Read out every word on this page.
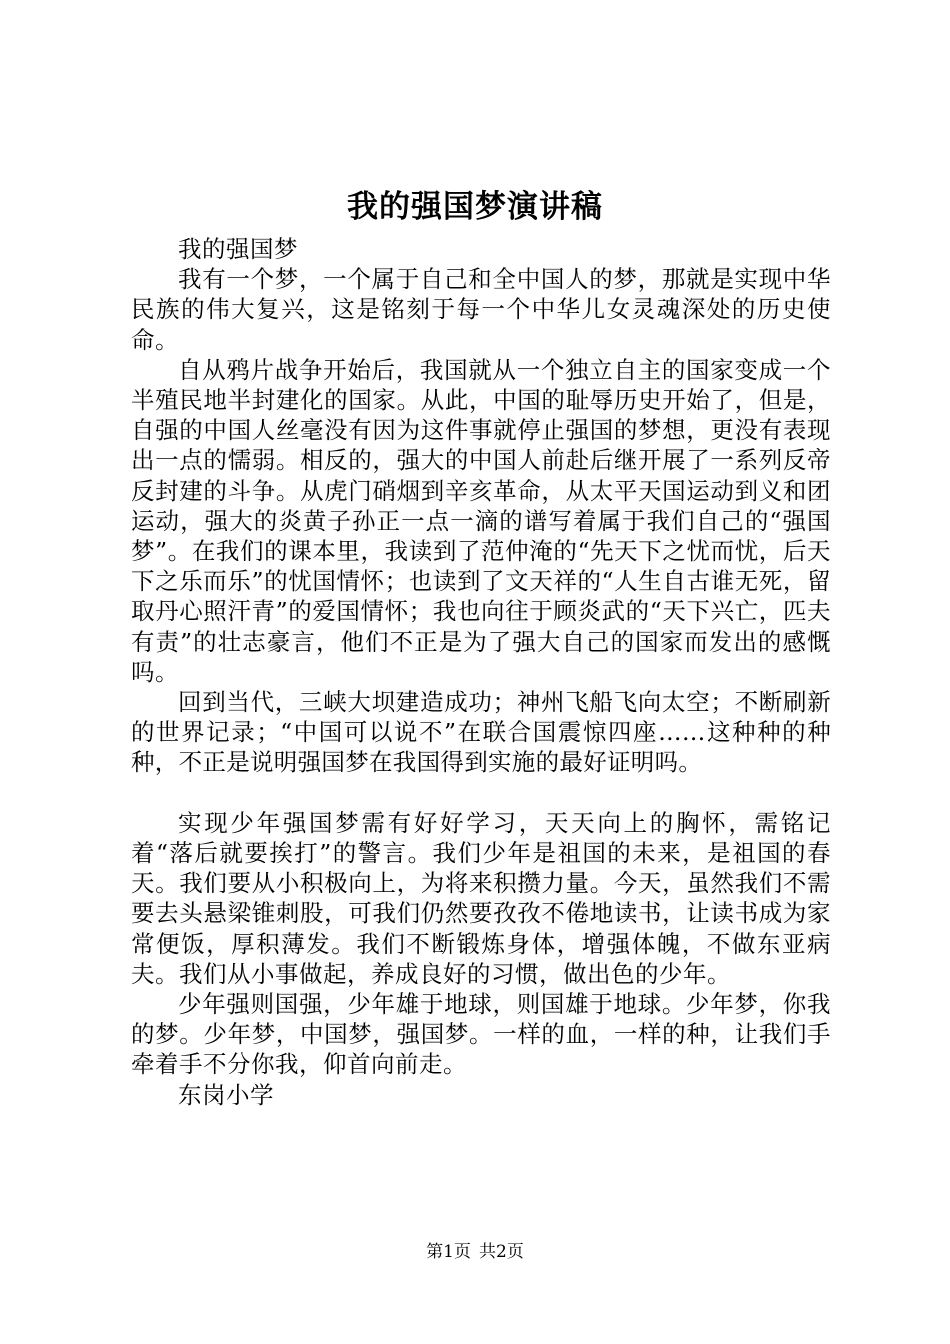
我的强国梦演讲稿

我的强国梦

我有一个梦，一个属于自己和全中国人的梦，那就是实现中华民族的伟大复兴，这是铭刻于每一个中华儿女灵魂深处的历史使命。

自从鸦片战争开始后，我国就从一个独立自主的国家变成一个半殖民地半封建化的国家。从此，中国的耻辱历史开始了，但是，自强的中国人丝毫没有因为这件事就停止强国的梦想，更没有表现出一点的懦弱。相反的，强大的中国人前赴后继开展了一系列反帝反封建的斗争。从虎门硝烟到辛亥革命，从太平天国运动到义和团运动，强大的炎黄子孙正一点一滴的谱写着属于我们自己的“强国梦”。在我们的课本里，我读到了范仲淹的“先天下之忧而忧，后天下之乐而乐”的忧国情怀；也读到了文天祥的“人生自古谁无死，留取丹心照汗青”的爱国情怀；我也向往于顾炎武的“天下兴亡，匹夫有责”的壮志豪言，他们不正是为了强大自己的国家而发出的感慨吗。

回到当代，三峡大坝建造成功；神州飞船飞向太空；不断刷新的世界记录；“中国可以说不”在联合国震惊四座……这种种的种种，不正是说明强国梦在我国得到实施的最好证明吗。

实现少年强国梦需有好好学习，天天向上的胸怀，需铭记着“落后就要挨打”的警言。我们少年是祖国的未来，是祖国的春天。我们要从小积极向上，为将来积攒力量。今天，虽然我们不需要去头悬梁锥刺股，可我们仍然要孜孜不倦地读书，让读书成为家常便饭，厚积薄发。我们不断锻炼身体，增强体魄，不做东亚病夫。我们从小事做起，养成良好的习惯，做出色的少年。

少年强则国强，少年雄于地球，则国雄于地球。少年梦，你我的梦。少年梦，中国梦，强国梦。一样的血，一样的种，让我们手牵着手不分你我，仰首向前走。

东岗小学

第1页 共2页
